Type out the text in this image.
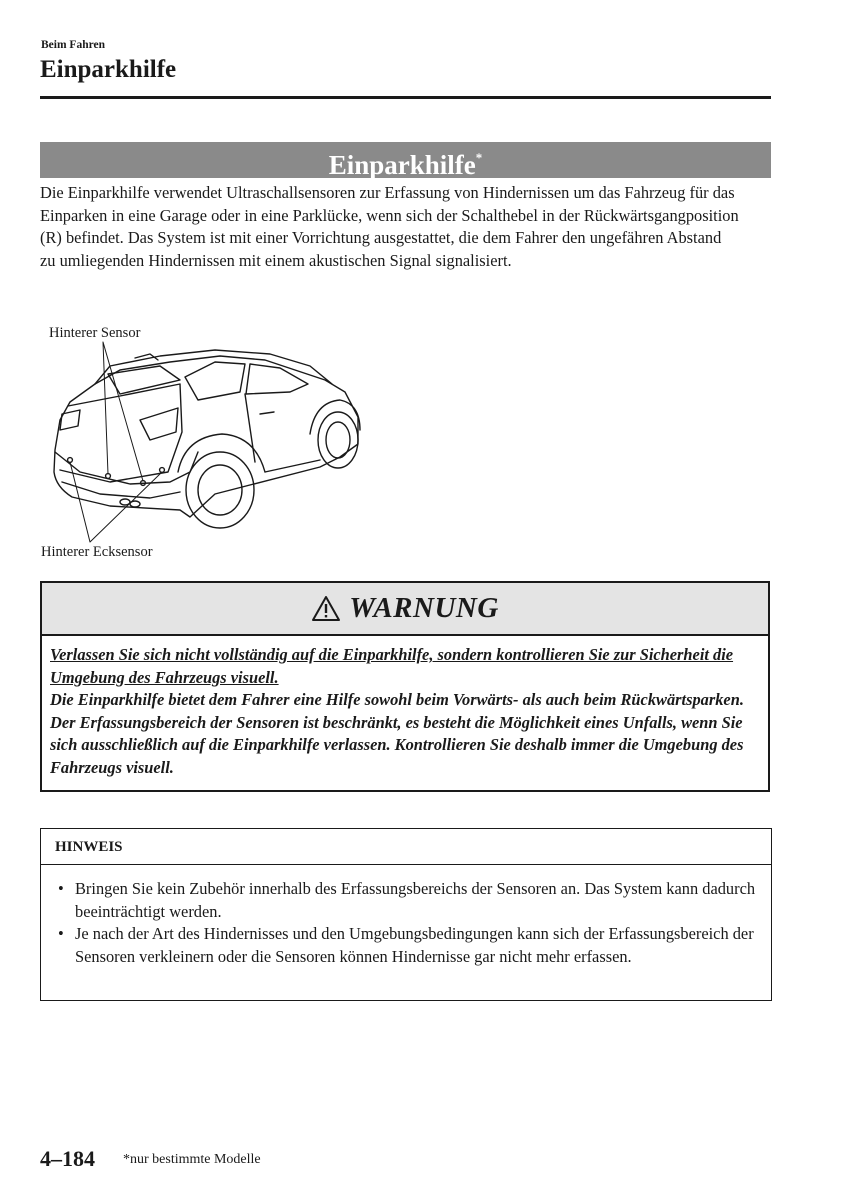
Beim Fahren
Einparkhilfe
Einparkhilfe*

Die Einparkhilfe verwendet Ultraschallsensoren zur Erfassung von Hindernissen um das Fahrzeug für das Einparken in eine Garage oder in eine Parklücke, wenn sich der Schalthebel in der Rückwärtsgangposition (R) befindet. Das System ist mit einer Vorrichtung ausgestattet, die dem Fahrer den ungefähren Abstand zu umliegenden Hindernissen mit einem akustischen Signal signalisiert.

Hinterer Sensor
Hinterer Ecksensor
WARNUNG

Verlassen Sie sich nicht vollständig auf die Einparkhilfe, sondern kontrollieren Sie zur Sicherheit die Umgebung des Fahrzeugs visuell.

Die Einparkhilfe bietet dem Fahrer eine Hilfe sowohl beim Vorwärts- als auch beim Rückwärtsparken. Der Erfassungsbereich der Sensoren ist beschränkt, es besteht die Möglichkeit eines Unfalls, wenn Sie sich ausschließlich auf die Einparkhilfe verlassen. Kontrollieren Sie deshalb immer die Umgebung des Fahrzeugs visuell.

HINWEIS
• Bringen Sie kein Zubehör innerhalb des Erfassungsbereichs der Sensoren an. Das System kann dadurch beeinträchtigt werden.
• Je nach der Art des Hindernisses und den Umgebungsbedingungen kann sich der Erfassungsbereich der Sensoren verkleinern oder die Sensoren können Hindernisse gar nicht mehr erfassen.
4–184 *nur bestimmte Modelle
